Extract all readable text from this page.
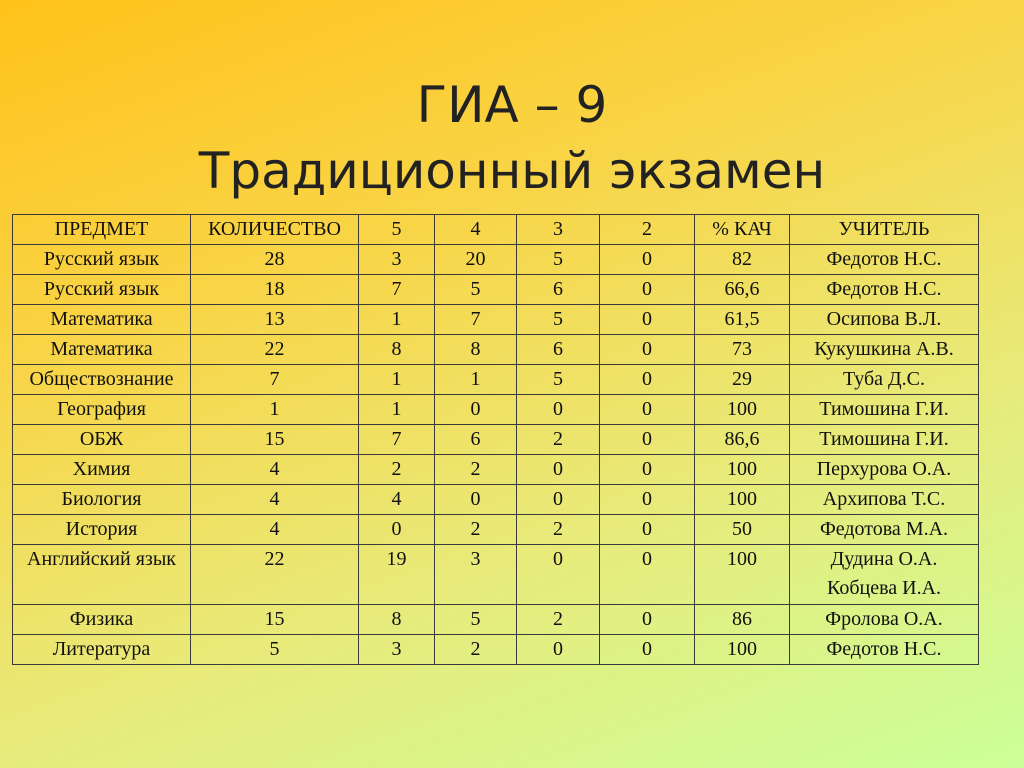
ГИА – 9
Традиционный экзамен
ПРЕДМЕТ	КОЛИЧЕСТВО	5	4	3	2	% КАЧ	УЧИТЕЛЬ
Русский язык	28	3	20	5	0	82	Федотов Н.С.
Русский язык	18	7	5	6	0	66,6	Федотов Н.С.
Математика	13	1	7	5	0	61,5	Осипова В.Л.
Математика	22	8	8	6	0	73	Кукушкина А.В.
Обществознание	7	1	1	5	0	29	Туба Д.С.
География	1	1	0	0	0	100	Тимошина Г.И.
ОБЖ	15	7	6	2	0	86,6	Тимошина Г.И.
Химия	4	2	2	0	0	100	Перхурова О.А.
Биология	4	4	0	0	0	100	Архипова Т.С.
История	4	0	2	2	0	50	Федотова М.А.
Английский язык	22	19	3	0	0	100	Дудина О.А.
Кобцева И.А.

Физика	15	8	5	2	0	86	Фролова О.А.
Литература	5	3	2	0	0	100	Федотов Н.С.
